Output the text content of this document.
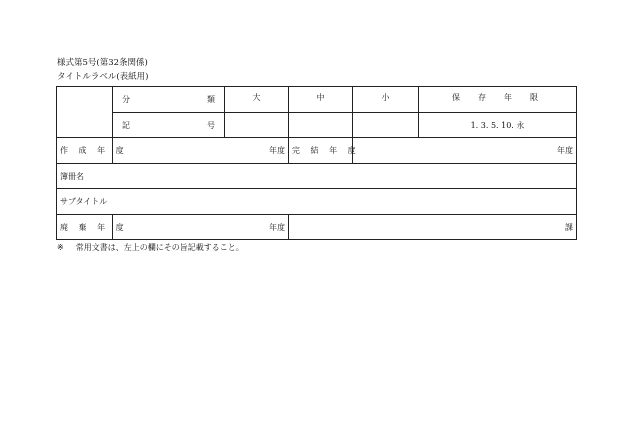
様式第5号(第32条関係)
タイトルラベル(表紙用)

	分 類	大	中	小	保　存　年　限

	記 号				1. 3. 5. 10. 永
作 成 年 度	年度		完 結 年 度	年度	
簿冊名					
サブタイトル					
廃 棄 年 度	年度		課		
※ 常用文書は、左上の欄にその旨記載すること。
